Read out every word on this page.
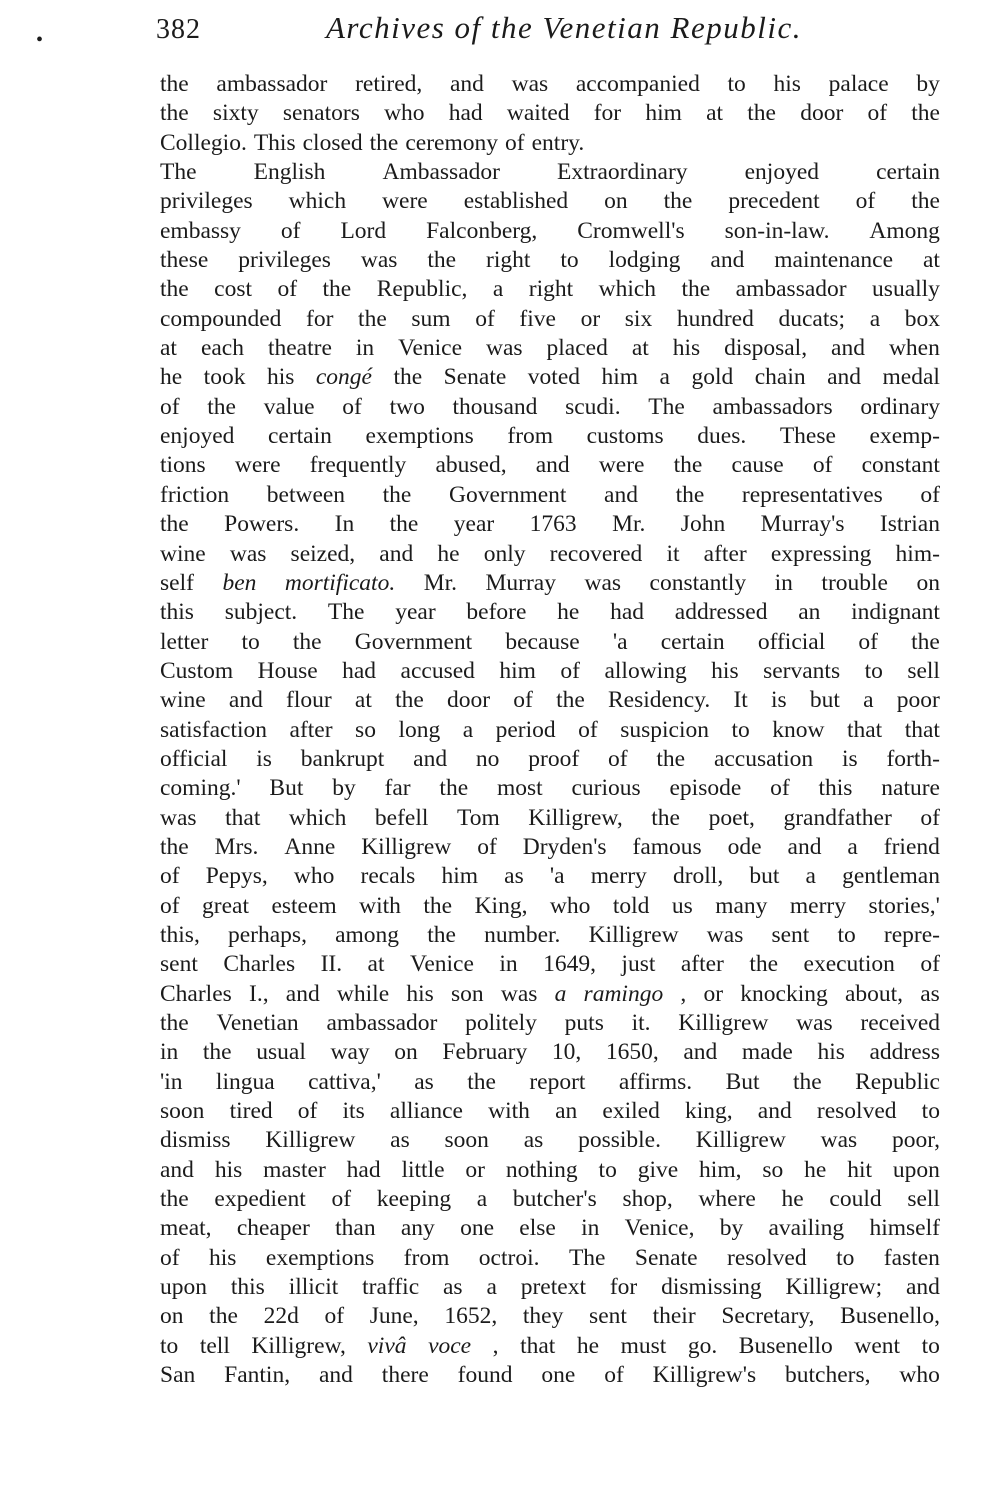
•	382	Archives of the Venetian Republic.
the ambassador retired, and was accompanied to his palace by
the sixty senators who had waited for him at the door of the
Collegio. This closed the ceremony of entry.
The English Ambassador Extraordinary enjoyed certain
privileges which were established on the precedent of the
embassy of Lord Falconberg, Cromwell's son-in-law. Among
these privileges was the right to lodging and maintenance at
the cost of the Republic, a right which the ambassador usually
compounded for the sum of five or six hundred ducats; a box
at each theatre in Venice was placed at his disposal, and when
he took his congé the Senate voted him a gold chain and medal
of the value of two thousand scudi. The ambassadors ordinary
enjoyed certain exemptions from customs dues. These exemp-
tions were frequently abused, and were the cause of constant
friction between the Government and the representatives of
the Powers. In the year 1763 Mr. John Murray's Istrian
wine was seized, and he only recovered it after expressing him-
self ben mortificato. Mr. Murray was constantly in trouble on
this subject. The year before he had addressed an indignant
letter to the Government because 'a certain official of the
Custom House had accused him of allowing his servants to sell
wine and flour at the door of the Residency. It is but a poor
satisfaction after so long a period of suspicion to know that that
official is bankrupt and no proof of the accusation is forth-
coming.' But by far the most curious episode of this nature
was that which befell Tom Killigrew, the poet, grandfather of
the Mrs. Anne Killigrew of Dryden's famous ode and a friend
of Pepys, who recals him as 'a merry droll, but a gentleman
of great esteem with the King, who told us many merry stories,'
this, perhaps, among the number. Killigrew was sent to repre-
sent Charles II. at Venice in 1649, just after the execution of
Charles I., and while his son was a ramingo , or knocking about, as
the Venetian ambassador politely puts it. Killigrew was received
in the usual way on February 10, 1650, and made his address
'in lingua cattiva,' as the report affirms. But the Republic
soon tired of its alliance with an exiled king, and resolved to
dismiss Killigrew as soon as possible. Killigrew was poor,
and his master had little or nothing to give him, so he hit upon
the expedient of keeping a butcher's shop, where he could sell
meat, cheaper than any one else in Venice, by availing himself
of his exemptions from octroi. The Senate resolved to fasten
upon this illicit traffic as a pretext for dismissing Killigrew; and
on the 22d of June, 1652, they sent their Secretary, Busenello,
to tell Killigrew, vivâ voce , that he must go. Busenello went to
San Fantin, and there found one of Killigrew's butchers, who
